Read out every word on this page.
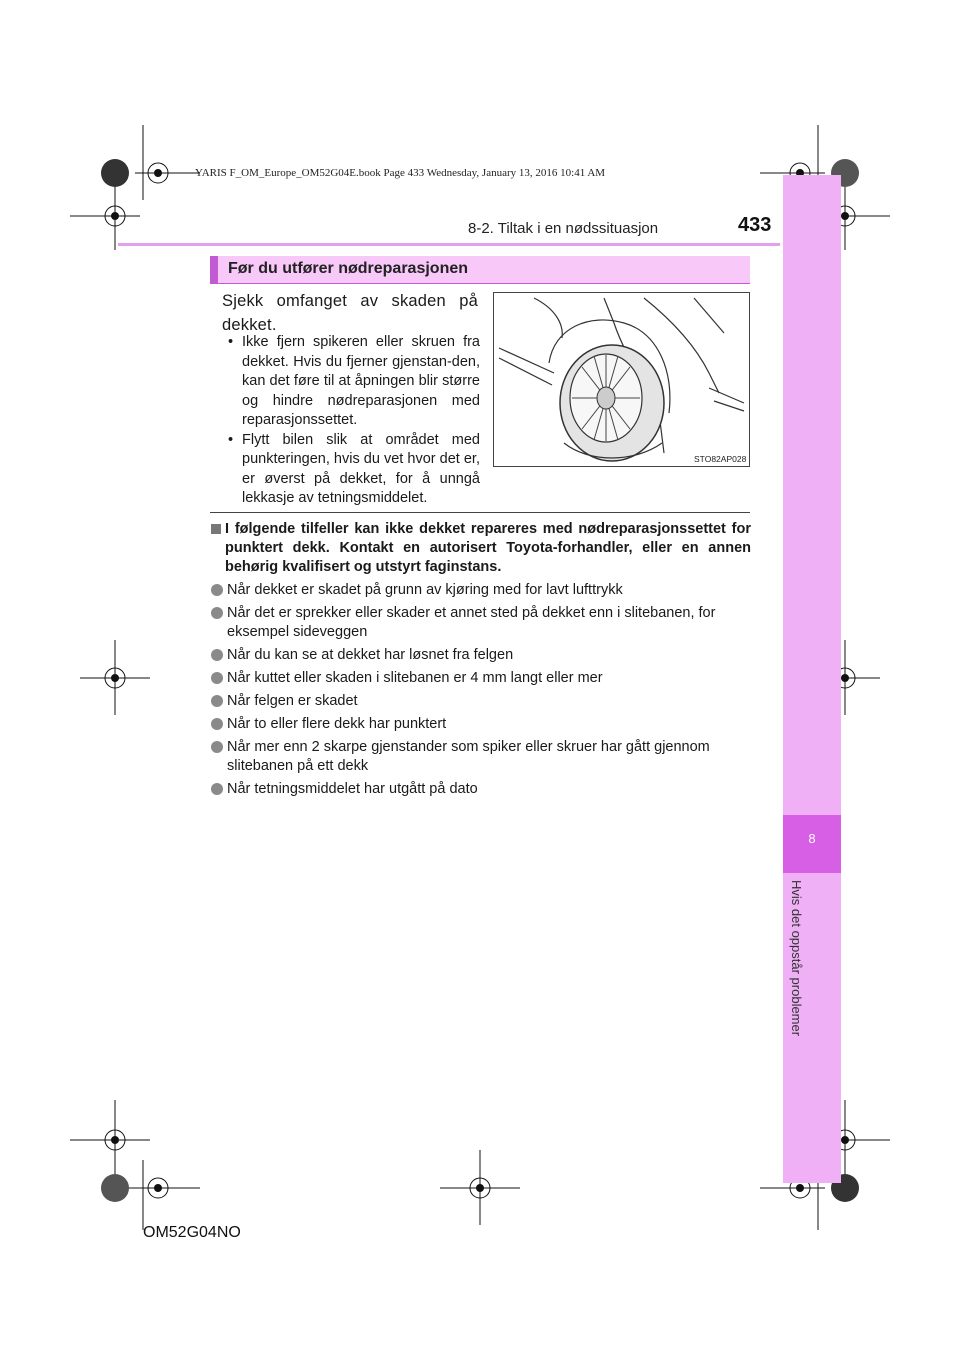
8
Hvis det oppstår problemer
YARIS F_OM_Europe_OM52G04E.book Page 433 Wednesday, January 13, 2016 10:41 AM
8-2. Tiltak i en nødssituasjon	433
Før du utfører nødreparasjonen
Sjekk omfanget av skaden på dekket.
• Ikke fjern spikeren eller skruen fra dekket. Hvis du fjerner gjenstan-den, kan det føre til at åpningen blir større og hindre nødreparasjonen med reparasjonssettet.
• Flytt bilen slik at området med punkteringen, hvis du vet hvor det er, er øverst på dekket, for å unngå lekkasje av tetningsmiddelet.
STO82AP028
I følgende tilfeller kan ikke dekket repareres med nødreparasjonssettet for punktert dekk. Kontakt en autorisert Toyota-forhandler, eller en annen behørig kvalifisert og utstyrt faginstans.
Når dekket er skadet på grunn av kjøring med for lavt lufttrykk
Når det er sprekker eller skader et annet sted på dekket enn i slitebanen, for eksempel sideveggen
Når du kan se at dekket har løsnet fra felgen
Når kuttet eller skaden i slitebanen er 4 mm langt eller mer
Når felgen er skadet
Når to eller flere dekk har punktert
Når mer enn 2 skarpe gjenstander som spiker eller skruer har gått gjennom slitebanen på ett dekk
Når tetningsmiddelet har utgått på dato
OM52G04NO
